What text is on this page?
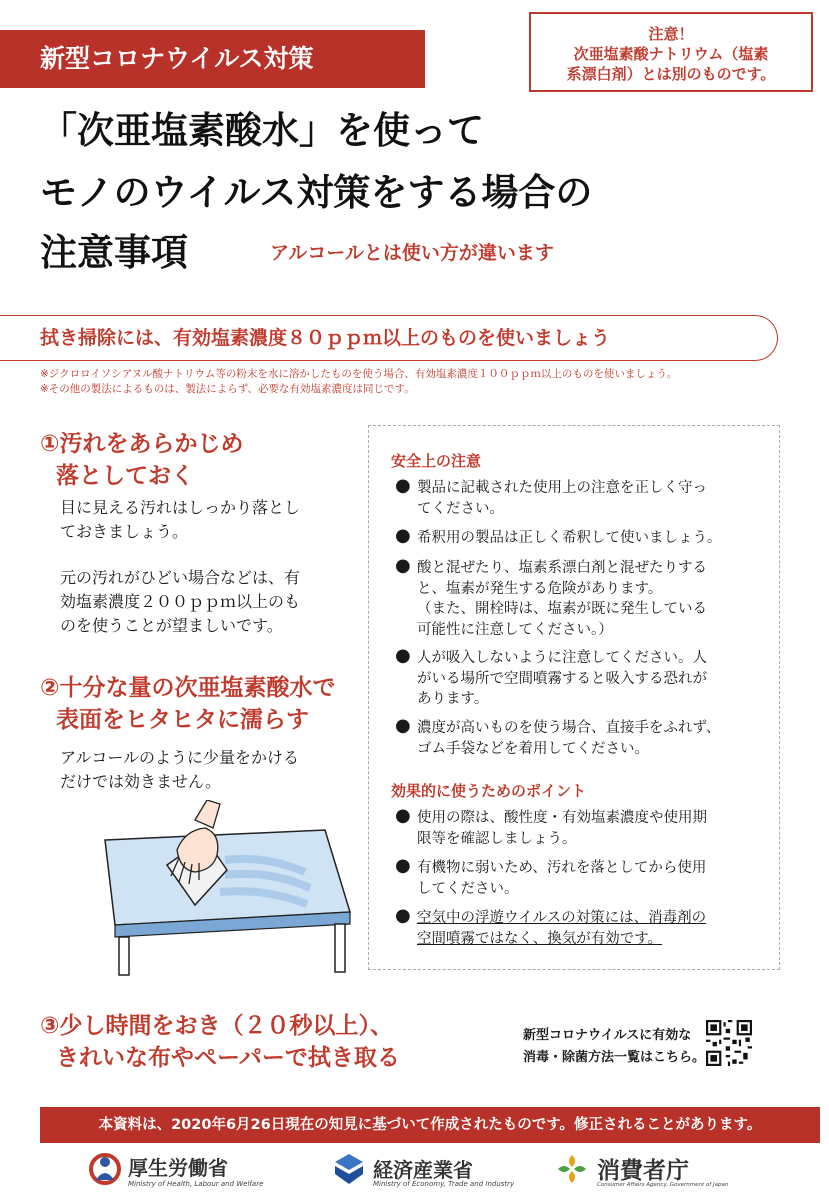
新型コロナウイルス対策
注意！
次亜塩素酸ナトリウム（塩素
系漂白剤）とは別のものです。
「次亜塩素酸水」を使って
モノのウイルス対策をする場合の
注意事項	アルコールとは使い方が違います
拭き掃除には、有効塩素濃度８０ｐｐｍ以上のものを使いましょう
※ジクロロイソシアヌル酸ナトリウム等の粉末を水に溶かしたものを使う場合、有効塩素濃度１００ｐｐｍ以上のものを使いましょう。
※その他の製法によるものは、製法によらず、必要な有効塩素濃度は同じです。
①汚れをあらかじめ
落としておく
目に見える汚れはしっかり落とし
ておきましょう。
元の汚れがひどい場合などは、有
効塩素濃度２００ｐｐｍ以上のも
のを使うことが望ましいです。
②十分な量の次亜塩素酸水で
表面をヒタヒタに濡らす
アルコールのように少量をかける
だけでは効きません。
安全上の注意
● 製品に記載された使用上の注意を正しく守っ
てください。
● 希釈用の製品は正しく希釈して使いましょう。
● 酸と混ぜたり、塩素系漂白剤と混ぜたりする
と、塩素が発生する危険があります。
（また、開栓時は、塩素が既に発生している
可能性に注意してください。）
● 人が吸入しないように注意してください。人
がいる場所で空間噴霧すると吸入する恐れが
あります。
● 濃度が高いものを使う場合、直接手をふれず、
ゴム手袋などを着用してください。
効果的に使うためのポイント
● 使用の際は、酸性度・有効塩素濃度や使用期
限等を確認しましょう。
● 有機物に弱いため、汚れを落としてから使用
してください。
● 空気中の浮遊ウイルスの対策には、消毒剤の
空間噴霧ではなく、換気が有効です。
③少し時間をおき（２０秒以上）、
きれいな布やペーパーで拭き取る
新型コロナウイルスに有効な
消毒・除菌方法一覧はこちら。
本資料は、2020年6月26日現在の知見に基づいて作成されたものです。修正されることがあります。
厚生労働省
Ministry of Health, Labour and Welfare
経済産業省
Ministry of Economy, Trade and Industry	消費者庁
Consumer Affairs Agency, Government of Japan
